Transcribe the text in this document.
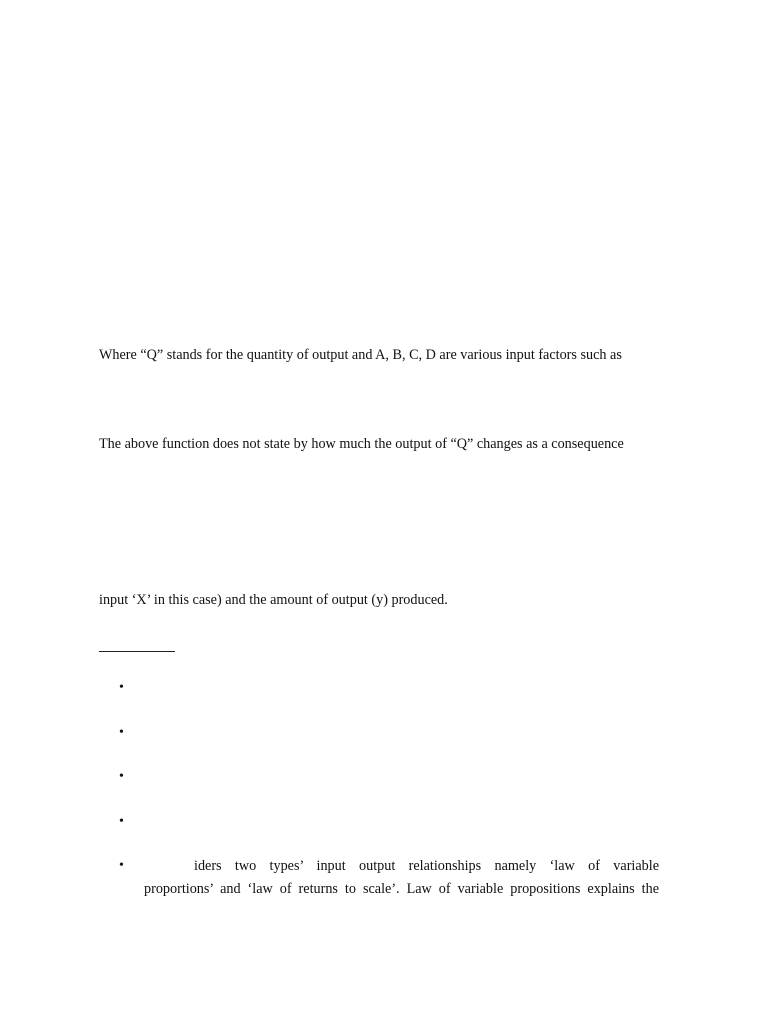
Where “Q” stands for the quantity of output and A, B, C, D are various input factors such as
The above function does not state by how much the output of “Q” changes as a consequence
input ‘X’ in this case) and the amount of output (y) produced.
•
•
•
•
•	iders two types’ input output relationships namely ‘law of variable
proportions’ and ‘law of returns to scale’. Law of variable propositions explains the
